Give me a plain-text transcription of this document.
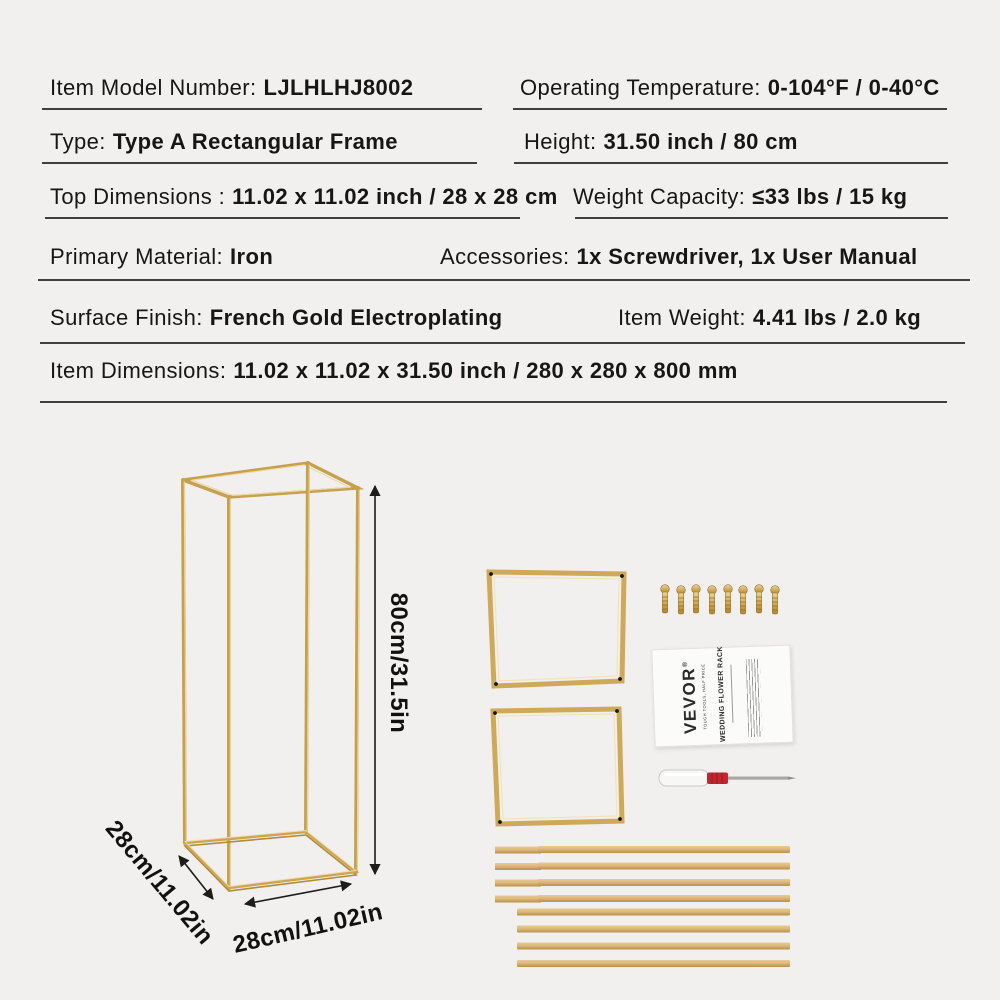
Item Model Number: LJLHLHJ8002	Operating Temperature: 0-104°F / 0-40°C
Type: Type A Rectangular Frame	Height: 31.50 inch / 80 cm
Top Dimensions : 11.02 x 11.02 inch / 28 x 28 cm Weight Capacity: ≤33 lbs / 15 kg
Primary Material: Iron	Accessories: 1x Screwdriver, 1x User Manual
Surface Finish: French Gold Electroplating	Item Weight: 4.41 lbs / 2.0 kg
Item Dimensions: 11.02 x 11.02 x 31.50 inch / 280 x 280 x 800 mm
80cm/31.5in
28cm/11.02in 28cm/11.02in
VEVOR®	TOUGH TOOLS, HALF PRICE WEDDING FLOWER RACK
